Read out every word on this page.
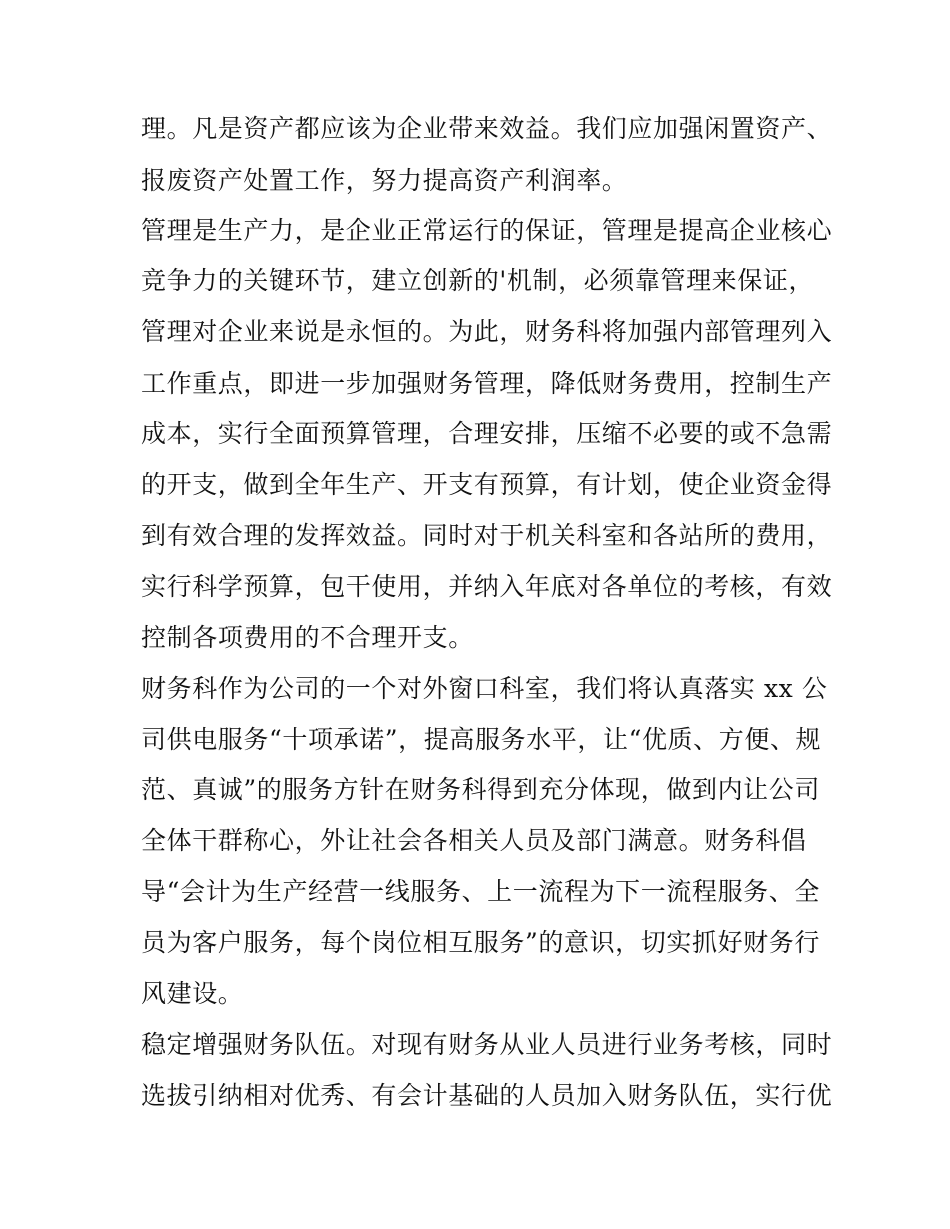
理。凡是资产都应该为企业带来效益。我们应加强闲置资产、
报废资产处置工作，努力提高资产利润率。
管理是生产力，是企业正常运行的保证，管理是提高企业核心
竞争力的关键环节，建立创新的'机制，必须靠管理来保证，
管理对企业来说是永恒的。为此，财务科将加强内部管理列入
工作重点，即进一步加强财务管理，降低财务费用，控制生产
成本，实行全面预算管理，合理安排，压缩不必要的或不急需
的开支，做到全年生产、开支有预算，有计划，使企业资金得
到有效合理的发挥效益。同时对于机关科室和各站所的费用，
实行科学预算，包干使用，并纳入年底对各单位的考核，有效
控制各项费用的不合理开支。
财务科作为公司的一个对外窗口科室，我们将认真落实 xx 公
司供电服务“十项承诺”，提高服务水平，让“优质、方便、规
范、真诚”的服务方针在财务科得到充分体现，做到内让公司
全体干群称心，外让社会各相关人员及部门满意。财务科倡
导“会计为生产经营一线服务、上一流程为下一流程服务、全
员为客户服务，每个岗位相互服务”的意识，切实抓好财务行
风建设。
稳定增强财务队伍。对现有财务从业人员进行业务考核，同时
选拔引纳相对优秀、有会计基础的人员加入财务队伍，实行优
